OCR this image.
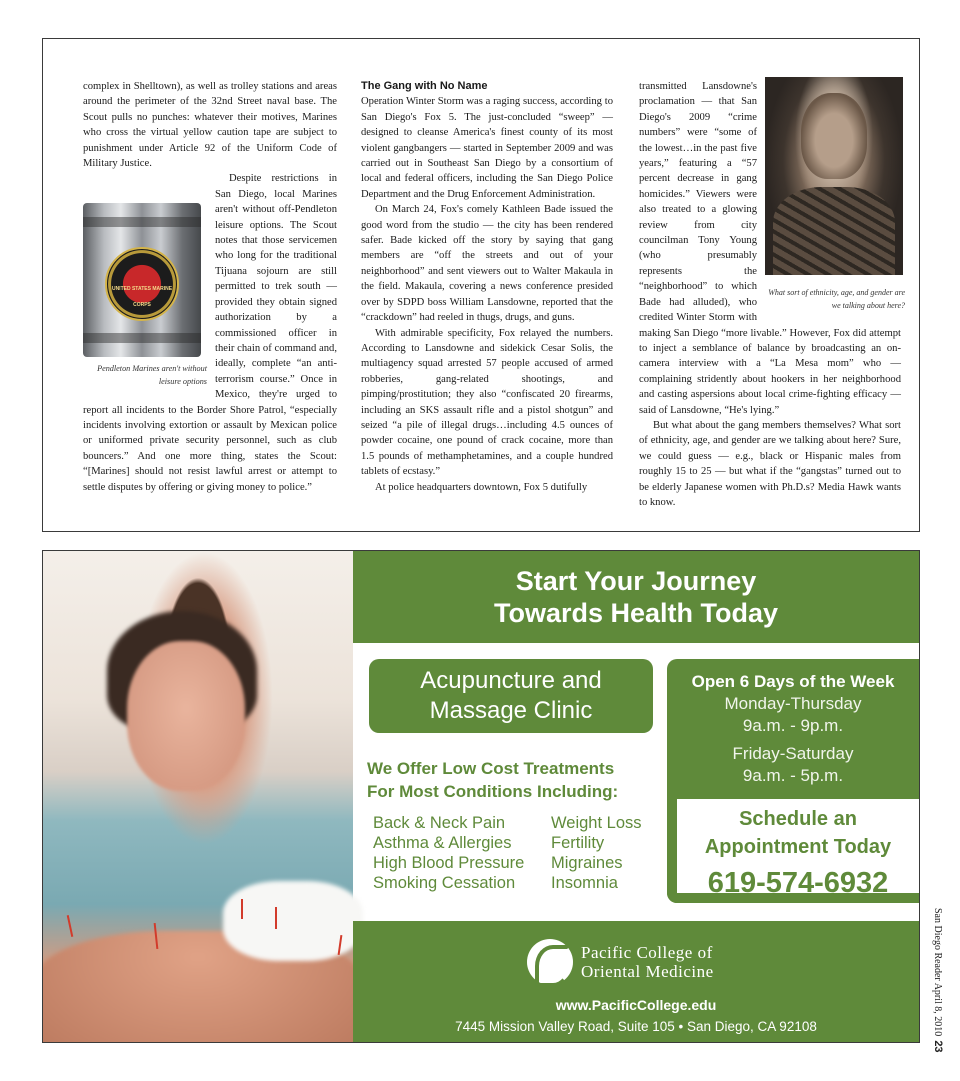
complex in Shelltown), as well as trolley stations and areas around the perimeter of the 32nd Street naval base. The Scout pulls no punches: whatever their motives, Marines who cross the virtual yellow caution tape are subject to punishment under Article 92 of the Uniform Code of Military Justice.

UNITED STATES MARINE CORPS
Pendleton Marines aren't without leisure options

Despite restrictions in San Diego, local Marines aren't without off-Pendleton leisure options. The Scout notes that those servicemen who long for the traditional Tijuana sojourn are still permitted to trek south — provided they obtain signed authorization by a commissioned officer in their chain of command and, ideally, complete “an anti-terrorism course.” Once in Mexico, they're urged to report all incidents to the Border Shore Patrol, “especially incidents involving extortion or assault by Mexican police or uniformed private security personnel, such as club bouncers.” And one more thing, states the Scout: “[Marines] should not resist lawful arrest or attempt to settle disputes by offering or giving money to police.”

The Gang with No Name

Operation Winter Storm was a raging success, according to San Diego's Fox 5. The just-concluded “sweep” — designed to cleanse America's finest county of its most violent gangbangers — started in September 2009 and was carried out in Southeast San Diego by a consortium of local and federal officers, including the San Diego Police Department and the Drug Enforcement Administration.

On March 24, Fox's comely Kathleen Bade issued the good word from the studio — the city has been rendered safer. Bade kicked off the story by saying that gang members are “off the streets and out of your neighborhood” and sent viewers out to Walter Makaula in the field. Makaula, covering a news conference presided over by SDPD boss William Lansdowne, reported that the “crackdown” had reeled in thugs, drugs, and guns.

With admirable specificity, Fox relayed the numbers. According to Lansdowne and sidekick Cesar Solis, the multiagency squad arrested 57 people accused of armed robberies, gang-related shootings, and pimping/prostitution; they also “confiscated 20 firearms, including an SKS assault rifle and a pistol shotgun” and seized “a pile of illegal drugs…including 4.5 ounces of powder cocaine, one pound of crack cocaine, more than 1.5 pounds of methamphetamines, and a couple hundred tablets of ecstasy.”

At police headquarters downtown, Fox 5 dutifully

What sort of ethnicity, age, and gender are we talking about here?

transmitted Lansdowne's proclamation — that San Diego's 2009 “crime numbers” were “some of the lowest…in the past five years,” featuring a “57 percent decrease in gang homicides.” Viewers were also treated to a glowing review from city councilman Tony Young (who presumably represents the “neighborhood” to which Bade had alluded), who credited Winter Storm with making San Diego “more livable.” However, Fox did attempt to inject a semblance of balance by broadcasting an on-camera interview with a “La Mesa mom” who — complaining stridently about hookers in her neighborhood and casting aspersions about local crime-fighting efficacy — said of Lansdowne, “He's lying.”

But what about the gang members themselves? What sort of ethnicity, age, and gender are we talking about here? Sure, we could guess — e.g., black or Hispanic males from roughly 15 to 25 — but what if the “gangstas” turned out to be elderly Japanese women with Ph.D.s? Media Hawk wants to know.

Start Your Journey
Towards Health Today
Acupuncture and
Massage Clinic
We Offer Low Cost Treatments
For Most Conditions Including:
Back & Neck Pain	Weight Loss
Asthma & Allergies	Fertility
High Blood Pressure	Migraines
Smoking Cessation	Insomnia
Open 6 Days of the Week
Monday-Thursday
9a.m. - 9p.m.
Friday-Saturday
9a.m. - 5p.m.
Schedule an
Appointment Today
619-574-6932
Pacific College of
Oriental Medicine
www.PacificCollege.edu
7445 Mission Valley Road, Suite 105 • San Diego, CA 92108	San Diego Reader April 8, 201023
